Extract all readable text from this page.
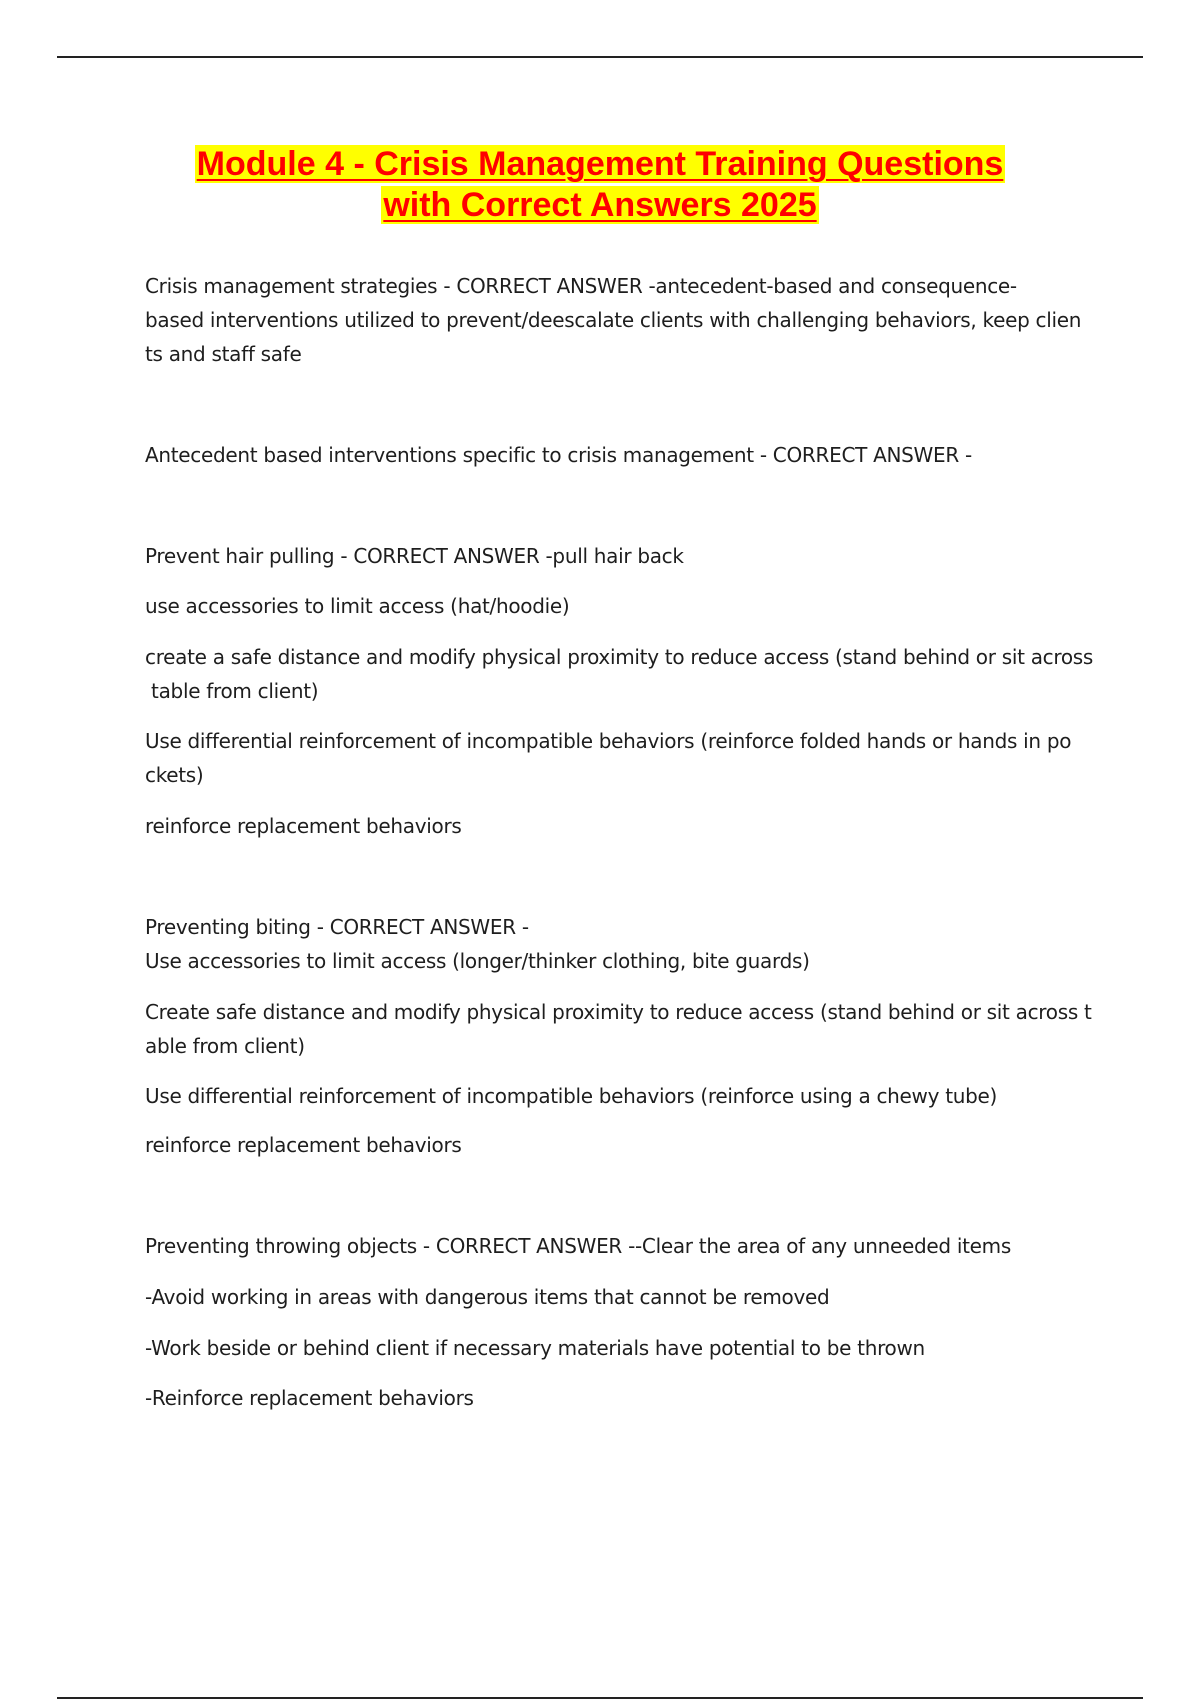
Module 4 - Crisis Management Training Questions
with Correct Answers 2025
Crisis management strategies - CORRECT ANSWER -antecedent-based and consequence-
based interventions utilized to prevent/deescalate clients with challenging behaviors, keep clien
ts and staff safe
Antecedent based interventions specific to crisis management - CORRECT ANSWER -
Prevent hair pulling - CORRECT ANSWER -pull hair back
use accessories to limit access (hat/hoodie)
create a safe distance and modify physical proximity to reduce access (stand behind or sit across
table from client)
Use differential reinforcement of incompatible behaviors (reinforce folded hands or hands in po
ckets)
reinforce replacement behaviors
Preventing biting - CORRECT ANSWER -
Use accessories to limit access (longer/thinker clothing, bite guards)
Create safe distance and modify physical proximity to reduce access (stand behind or sit across t
able from client)
Use differential reinforcement of incompatible behaviors (reinforce using a chewy tube)
reinforce replacement behaviors
Preventing throwing objects - CORRECT ANSWER --Clear the area of any unneeded items
-Avoid working in areas with dangerous items that cannot be removed
-Work beside or behind client if necessary materials have potential to be thrown
-Reinforce replacement behaviors
